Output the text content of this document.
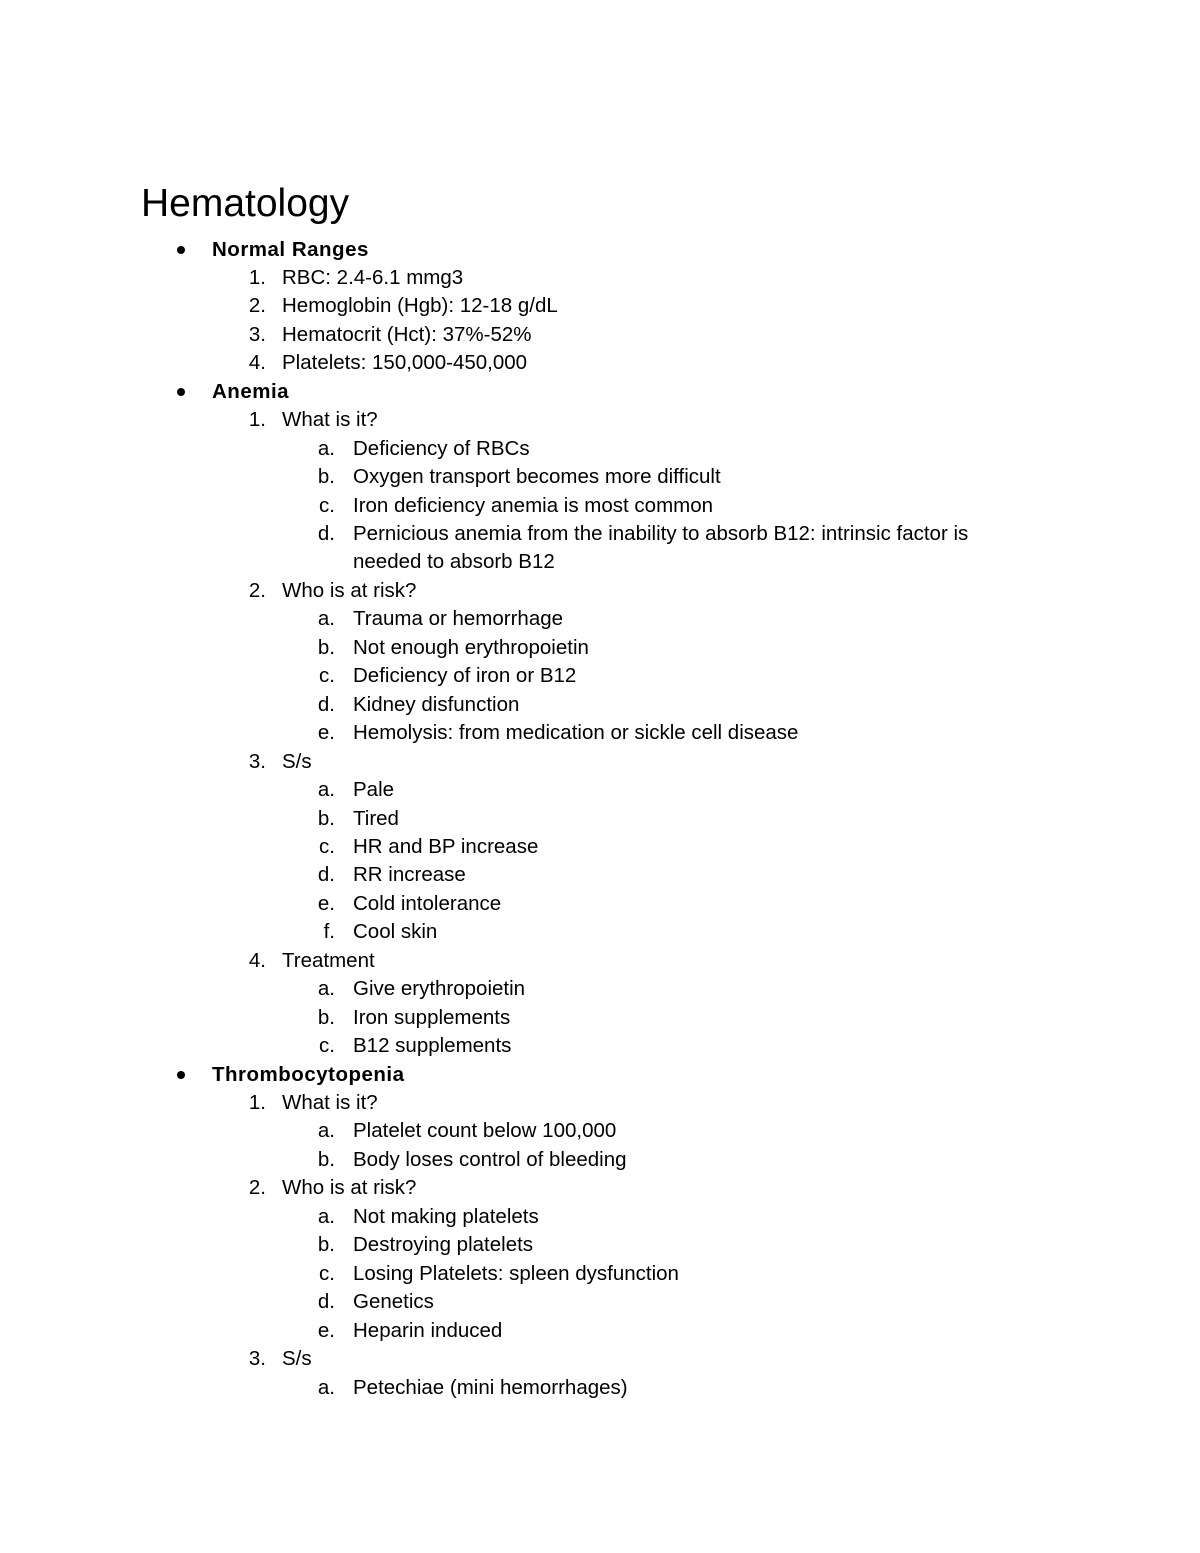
Hematology
Normal Ranges
1. RBC: 2.4-6.1 mmg3
2. Hemoglobin (Hgb): 12-18 g/dL
3. Hematocrit (Hct): 37%-52%
4. Platelets: 150,000-450,000
Anemia
1. What is it?
a. Deficiency of RBCs
b. Oxygen transport becomes more difficult
c. Iron deficiency anemia is most common
d. Pernicious anemia from the inability to absorb B12: intrinsic factor is
needed to absorb B12
2. Who is at risk?
a. Trauma or hemorrhage
b. Not enough erythropoietin
c. Deficiency of iron or B12
d. Kidney disfunction
e. Hemolysis: from medication or sickle cell disease
3. S/s
a. Pale
b. Tired
c. HR and BP increase
d. RR increase
e. Cold intolerance
f. Cool skin
4. Treatment
a. Give erythropoietin
b. Iron supplements
c. B12 supplements
Thrombocytopenia
1. What is it?
a. Platelet count below 100,000
b. Body loses control of bleeding
2. Who is at risk?
a. Not making platelets
b. Destroying platelets
c. Losing Platelets: spleen dysfunction
d. Genetics
e. Heparin induced
3. S/s
a. Petechiae (mini hemorrhages)
